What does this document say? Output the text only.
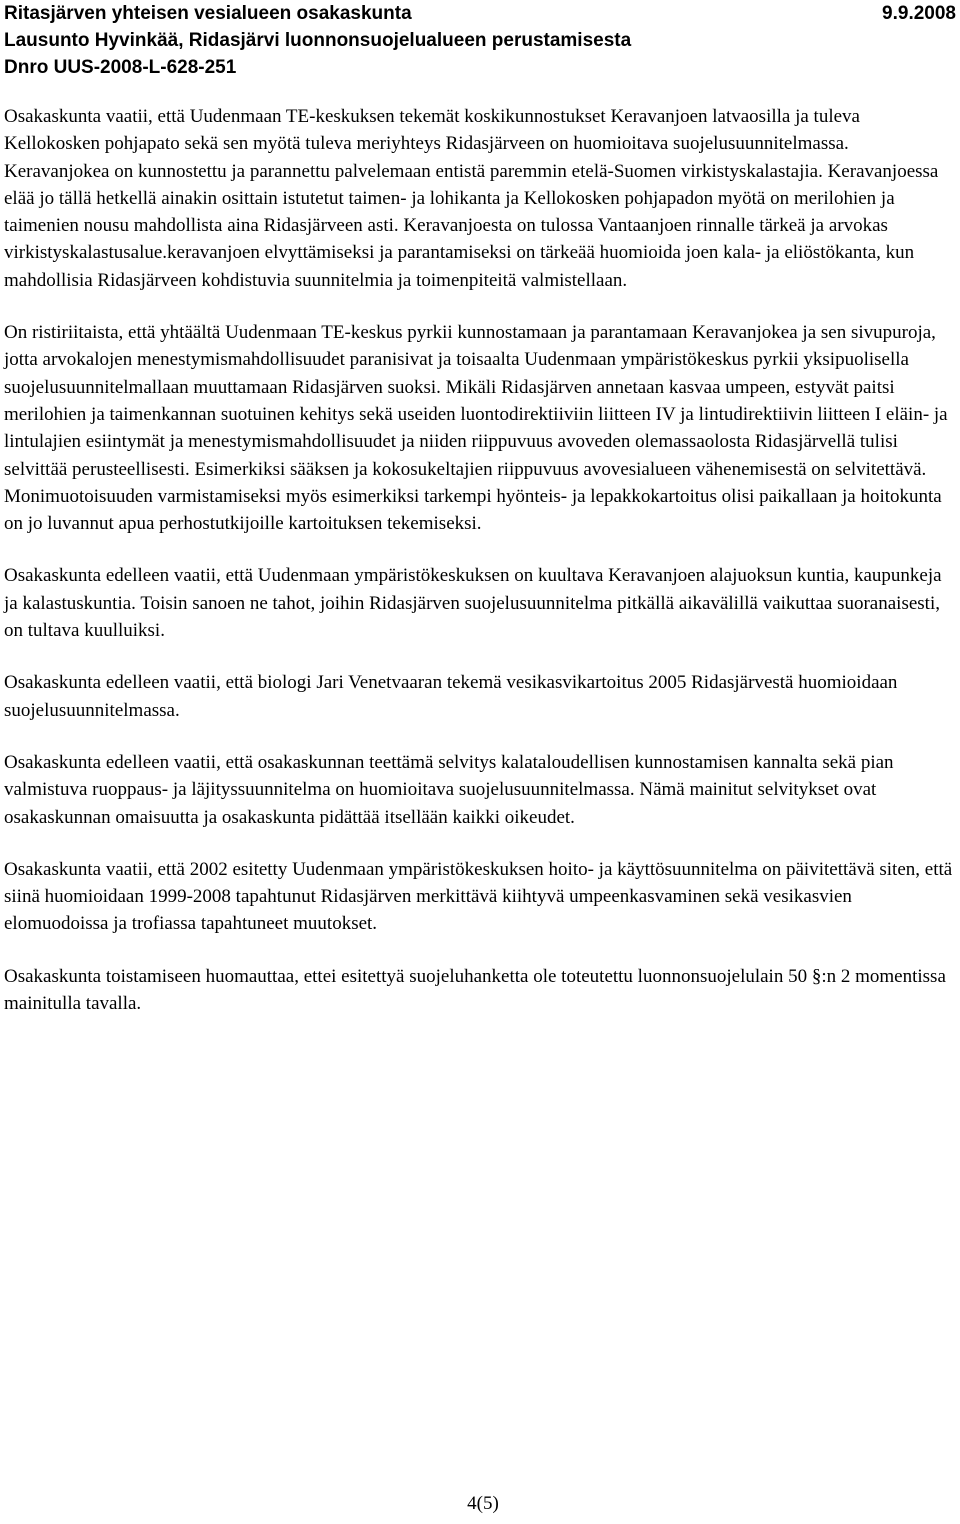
Ritasjärven yhteisen vesialueen osakaskunta	9.9.2008
Lausunto Hyvinkää, Ridasjärvi luonnonsuojelualueen perustamisesta
Dnro UUS-2008-L-628-251

Osakaskunta vaatii, että Uudenmaan TE-keskuksen tekemät koskikunnostukset Keravanjoen latvaosilla ja tuleva Kellokosken pohjapato sekä sen myötä tuleva meriyhteys Ridasjärveen on huomioitava suojelusuunnitelmassa. Keravanjokea on kunnostettu ja parannettu palvelemaan entistä paremmin etelä-Suomen virkistyskalastajia. Keravanjoessa elää jo tällä hetkellä ainakin osittain istutetut taimen- ja lohikanta ja Kellokosken pohjapadon myötä on merilohien ja taimenien nousu mahdollista aina Ridasjärveen asti. Keravanjoesta on tulossa Vantaanjoen rinnalle tärkeä ja arvokas virkistyskalastusalue.keravanjoen elvyttämiseksi ja parantamiseksi on tärkeää huomioida joen kala- ja eliöstökanta, kun mahdollisia Ridasjärveen kohdistuvia suunnitelmia ja toimenpiteitä valmistellaan.

On ristiriitaista, että yhtäältä Uudenmaan TE-keskus pyrkii kunnostamaan ja parantamaan Keravanjokea ja sen sivupuroja, jotta arvokalojen menestymismahdollisuudet paranisivat ja toisaalta Uudenmaan ympäristökeskus pyrkii yksipuolisella suojelusuunnitelmallaan muuttamaan Ridasjärven suoksi. Mikäli Ridasjärven annetaan kasvaa umpeen, estyvät paitsi merilohien ja taimenkannan suotuinen kehitys sekä useiden luontodirektiiviin liitteen IV ja lintudirektiivin liitteen I eläin- ja lintulajien esiintymät ja menestymismahdollisuudet ja niiden riippuvuus avoveden olemassaolosta Ridasjärvellä tulisi selvittää perusteellisesti. Esimerkiksi sääksen ja kokosukeltajien riippuvuus avovesialueen vähenemisestä on selvitettävä. Monimuotoisuuden varmistamiseksi myös esimerkiksi tarkempi hyönteis- ja lepakkokartoitus olisi paikallaan ja hoitokunta on jo luvannut apua perhostutkijoille kartoituksen tekemiseksi.

Osakaskunta edelleen vaatii, että Uudenmaan ympäristökeskuksen on kuultava Keravanjoen alajuoksun kuntia, kaupunkeja ja kalastuskuntia. Toisin sanoen ne tahot, joihin Ridasjärven suojelusuunnitelma pitkällä aikavälillä vaikuttaa suoranaisesti, on tultava kuulluiksi.

Osakaskunta edelleen vaatii, että biologi Jari Venetvaaran tekemä vesikasvikartoitus 2005 Ridasjärvestä huomioidaan suojelusuunnitelmassa.

Osakaskunta edelleen vaatii, että osakaskunnan teettämä selvitys kalataloudellisen kunnostamisen kannalta sekä pian valmistuva ruoppaus- ja läjityssuunnitelma on huomioitava suojelusuunnitelmassa. Nämä mainitut selvitykset ovat osakaskunnan omaisuutta ja osakaskunta pidättää itsellään kaikki oikeudet.

Osakaskunta vaatii, että 2002 esitetty Uudenmaan ympäristökeskuksen hoito- ja käyttösuunnitelma on päivitettävä siten, että siinä huomioidaan 1999-2008 tapahtunut Ridasjärven merkittävä kiihtyvä umpeenkasvaminen sekä vesikasvien elomuodoissa ja trofiassa tapahtuneet muutokset.

Osakaskunta toistamiseen huomauttaa, ettei esitettyä suojeluhanketta ole toteutettu luonnonsuojelulain 50 §:n 2 momentissa mainitulla tavalla.

4(5)
